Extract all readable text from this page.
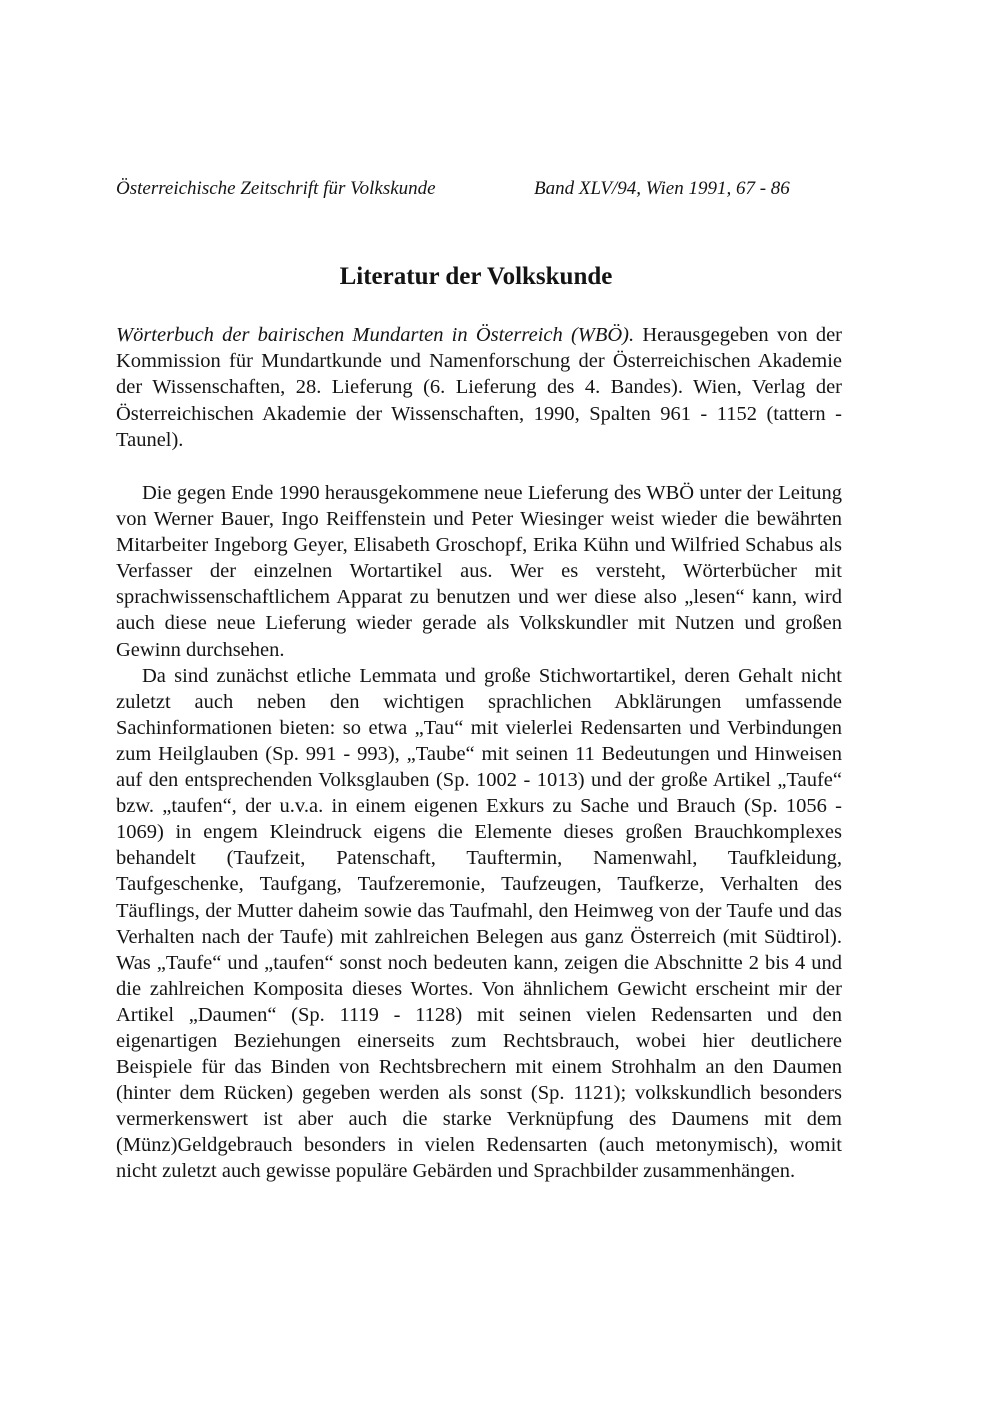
Österreichische Zeitschrift für Volkskunde	Band XLV/94, Wien 1991, 67 - 86
Literatur der Volkskunde
Wörterbuch der bairischen Mundarten in Österreich (WBÖ). Herausgegeben von der Kommission für Mundartkunde und Namenforschung der Österreichischen Akademie der Wissenschaften, 28. Lieferung (6. Lieferung des 4. Bandes). Wien, Verlag der Österreichischen Akademie der Wissenschaften, 1990, Spalten 961 - 1152 (tattern - Taunel).

Die gegen Ende 1990 herausgekommene neue Lieferung des WBÖ unter der Leitung von Werner Bauer, Ingo Reiffenstein und Peter Wiesinger weist wieder die bewährten Mitarbeiter Ingeborg Geyer, Elisabeth Groschopf, Erika Kühn und Wilfried Schabus als Verfasser der einzelnen Wortartikel aus. Wer es versteht, Wörterbücher mit sprachwissenschaftlichem Apparat zu benutzen und wer diese also „lesen“ kann, wird auch diese neue Lieferung wieder gerade als Volkskundler mit Nutzen und großen Gewinn durchsehen.

Da sind zunächst etliche Lemmata und große Stichwortartikel, deren Gehalt nicht zuletzt auch neben den wichtigen sprachlichen Abklärungen umfassende Sachinformationen bieten: so etwa „Tau“ mit vielerlei Redensarten und Verbindungen zum Heilglauben (Sp. 991 - 993), „Taube“ mit seinen 11 Bedeutungen und Hinweisen auf den entsprechenden Volksglauben (Sp. 1002 - 1013) und der große Artikel „Taufe“ bzw. „taufen“, der u.v.a. in einem eigenen Exkurs zu Sache und Brauch (Sp. 1056 - 1069) in engem Kleindruck eigens die Elemente dieses großen Brauchkomplexes behandelt (Taufzeit, Patenschaft, Tauftermin, Namenwahl, Taufkleidung, Taufgeschenke, Taufgang, Taufzeremonie, Taufzeugen, Taufkerze, Verhalten des Täuflings, der Mutter daheim sowie das Taufmahl, den Heimweg von der Taufe und das Verhalten nach der Taufe) mit zahlreichen Belegen aus ganz Österreich (mit Südtirol). Was „Taufe“ und „taufen“ sonst noch bedeuten kann, zeigen die Abschnitte 2 bis 4 und die zahlreichen Komposita dieses Wortes. Von ähnlichem Gewicht erscheint mir der Artikel „Daumen“ (Sp. 1119 - 1128) mit seinen vielen Redensarten und den eigenartigen Beziehungen einerseits zum Rechtsbrauch, wobei hier deutlichere Beispiele für das Binden von Rechtsbrechern mit einem Strohhalm an den Daumen (hinter dem Rücken) gegeben werden als sonst (Sp. 1121); volkskundlich besonders vermerkenswert ist aber auch die starke Verknüpfung des Daumens mit dem (Münz)Geldgebrauch besonders in vielen Redensarten (auch metonymisch), womit nicht zuletzt auch gewisse populäre Gebärden und Sprachbilder zusammenhängen.
